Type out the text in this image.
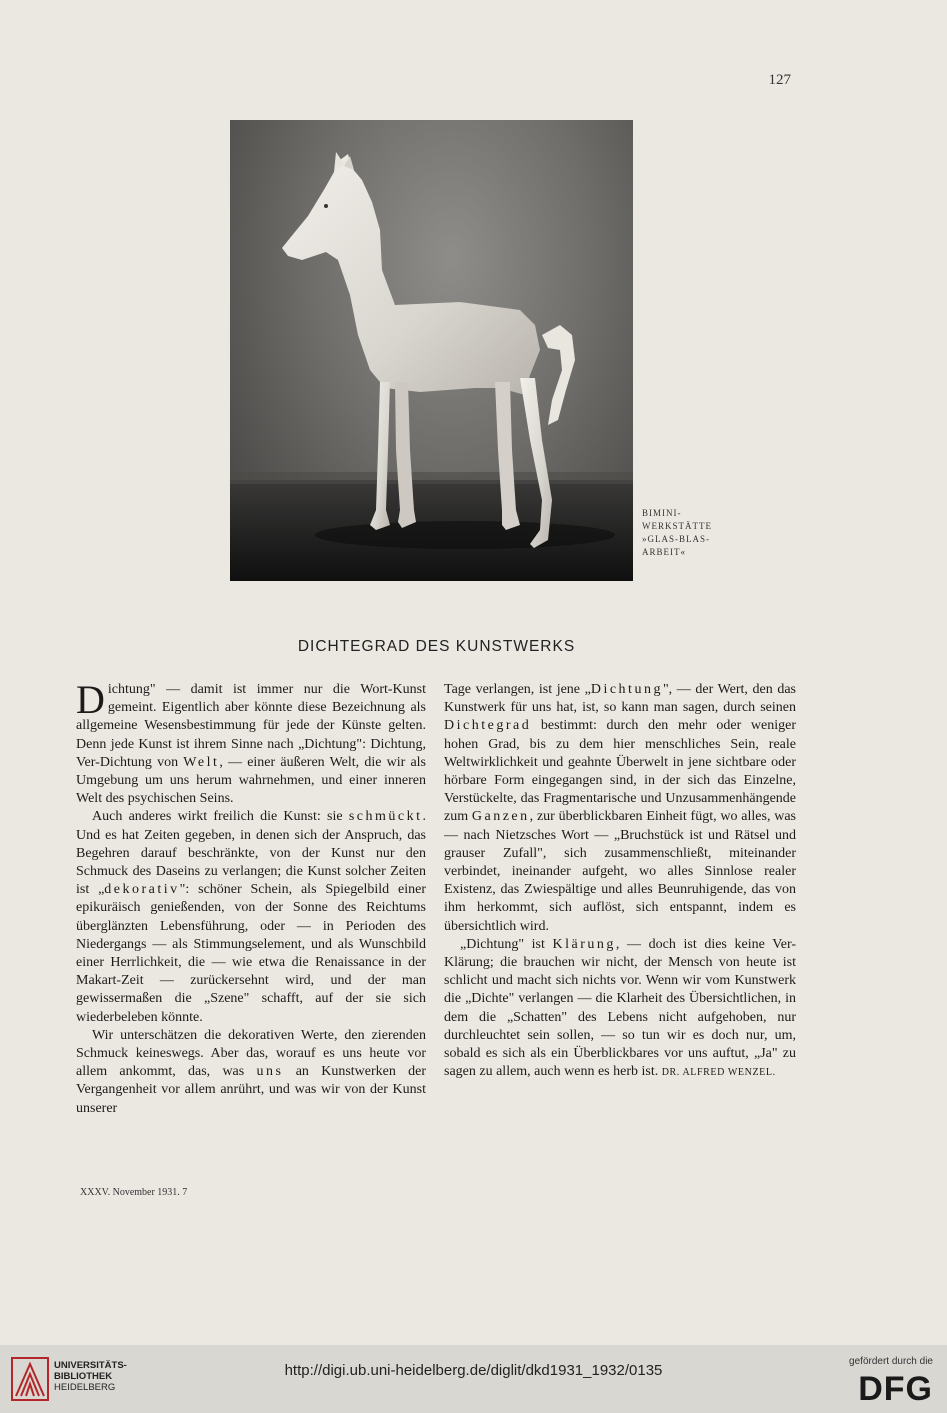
127
BIMINI-
WERKSTÄTTE
»GLAS-BLAS-
ARBEIT«
DICHTEGRAD DES KUNSTWERKS

Dichtung" — damit ist immer nur die Wort-Kunst gemeint. Eigentlich aber könnte diese Bezeichnung als allgemeine Wesensbestimmung für jede der Künste gelten. Denn jede Kunst ist ihrem Sinne nach „Dichtung": Dichtung, Ver-Dichtung von Welt, — einer äußeren Welt, die wir als Umgebung um uns herum wahrnehmen, und einer inneren Welt des psychischen Seins.

Auch anderes wirkt freilich die Kunst: sie schmückt. Und es hat Zeiten gegeben, in denen sich der Anspruch, das Begehren darauf beschränkte, von der Kunst nur den Schmuck des Daseins zu verlangen; die Kunst solcher Zeiten ist „dekorativ": schöner Schein, als Spiegelbild einer epikuräisch genießenden, von der Sonne des Reichtums überglänzten Lebensführung, oder — in Perioden des Niedergangs — als Stimmungselement, und als Wunschbild einer Herrlichkeit, die — wie etwa die Renaissance in der Makart-Zeit — zurückersehnt wird, und der man gewissermaßen die „Szene" schafft, auf der sie sich wiederbeleben könnte.

Wir unterschätzen die dekorativen Werte, den zierenden Schmuck keineswegs. Aber das, worauf es uns heute vor allem ankommt, das, was uns an Kunstwerken der Vergangenheit vor allem anrührt, und was wir von der Kunst unserer

Tage verlangen, ist jene „Dichtung", — der Wert, den das Kunstwerk für uns hat, ist, so kann man sagen, durch seinen Dichtegrad bestimmt: durch den mehr oder weniger hohen Grad, bis zu dem hier menschliches Sein, reale Weltwirklichkeit und geahnte Überwelt in jene sichtbare oder hörbare Form eingegangen sind, in der sich das Einzelne, Verstückelte, das Fragmentarische und Unzusammenhängende zum Ganzen, zur überblickbaren Einheit fügt, wo alles, was — nach Nietzsches Wort — „Bruchstück ist und Rätsel und grauser Zufall", sich zusammenschließt, miteinander verbindet, ineinander aufgeht, wo alles Sinnlose realer Existenz, das Zwiespältige und alles Beunruhigende, das von ihm herkommt, sich auflöst, sich entspannt, indem es übersichtlich wird.

„Dichtung" ist Klärung, — doch ist dies keine Ver-Klärung; die brauchen wir nicht, der Mensch von heute ist schlicht und macht sich nichts vor. Wenn wir vom Kunstwerk die „Dichte" verlangen — die Klarheit des Übersichtlichen, in dem die „Schatten" des Lebens nicht aufgehoben, nur durchleuchtet sein sollen, — so tun wir es doch nur, um, sobald es sich als ein Überblickbares vor uns auftut, „Ja" zu sagen zu allem, auch wenn es herb ist. DR. ALFRED WENZEL.

XXXV. November 1931. 7
UNIVERSITÄTS-
BIBLIOTHEK
HEIDELBERG
http://digi.ub.uni-heidelberg.de/diglit/dkd1931_1932/0135
gefördert durch die
DFG
